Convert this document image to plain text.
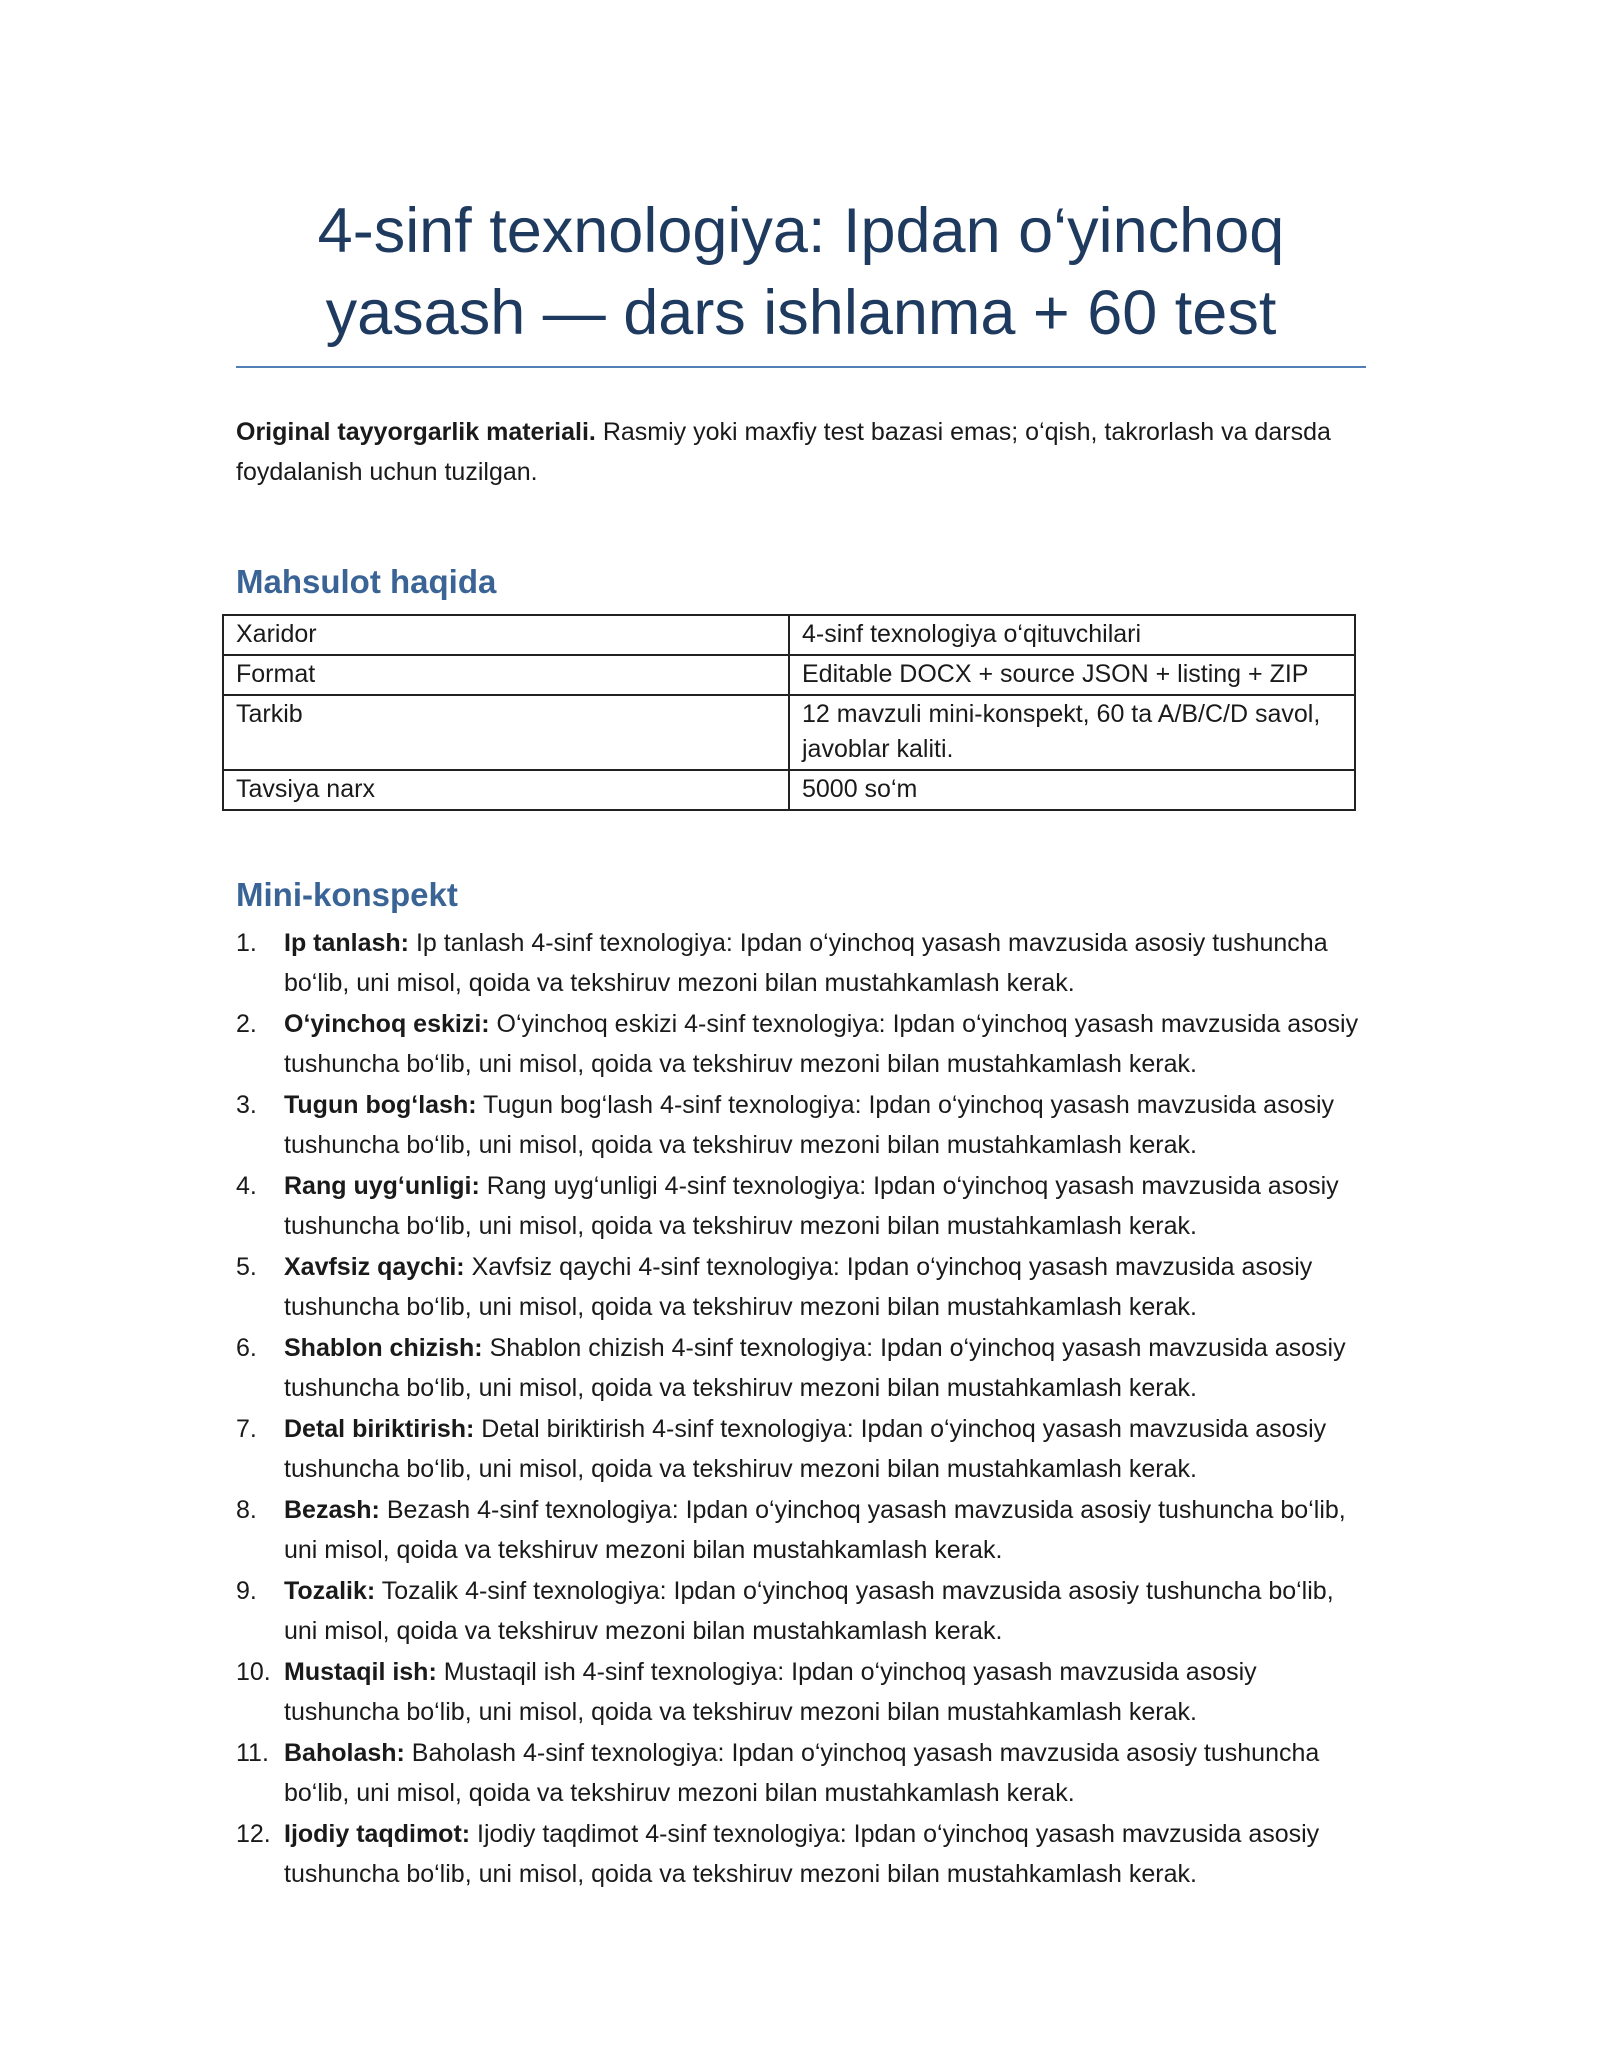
4-sinf texnologiya: Ipdan o‘yinchoq yasash — dars ishlanma + 60 test

Original tayyorgarlik materiali. Rasmiy yoki maxfiy test bazasi emas; o‘qish, takrorlash va darsda foydalanish uchun tuzilgan.

Mahsulot haqida
Xaridor	4-sinf texnologiya o‘qituvchilari
Format	Editable DOCX + source JSON + listing + ZIP
Tarkib	12 mavzuli mini-konspekt, 60 ta A/B/C/D savol, javoblar kaliti.
Tavsiya narx	5000 so‘m
Mini-konspekt
1. Ip tanlash: Ip tanlash 4-sinf texnologiya: Ipdan o‘yinchoq yasash mavzusida asosiy tushuncha bo‘lib, uni misol, qoida va tekshiruv mezoni bilan mustahkamlash kerak.
2. O‘yinchoq eskizi: O‘yinchoq eskizi 4-sinf texnologiya: Ipdan o‘yinchoq yasash mavzusida asosiy tushuncha bo‘lib, uni misol, qoida va tekshiruv mezoni bilan mustahkamlash kerak.
3. Tugun bog‘lash: Tugun bog‘lash 4-sinf texnologiya: Ipdan o‘yinchoq yasash mavzusida asosiy tushuncha bo‘lib, uni misol, qoida va tekshiruv mezoni bilan mustahkamlash kerak.
4. Rang uyg‘unligi: Rang uyg‘unligi 4-sinf texnologiya: Ipdan o‘yinchoq yasash mavzusida asosiy tushuncha bo‘lib, uni misol, qoida va tekshiruv mezoni bilan mustahkamlash kerak.
5. Xavfsiz qaychi: Xavfsiz qaychi 4-sinf texnologiya: Ipdan o‘yinchoq yasash mavzusida asosiy tushuncha bo‘lib, uni misol, qoida va tekshiruv mezoni bilan mustahkamlash kerak.
6. Shablon chizish: Shablon chizish 4-sinf texnologiya: Ipdan o‘yinchoq yasash mavzusida asosiy tushuncha bo‘lib, uni misol, qoida va tekshiruv mezoni bilan mustahkamlash kerak.
7. Detal biriktirish: Detal biriktirish 4-sinf texnologiya: Ipdan o‘yinchoq yasash mavzusida asosiy tushuncha bo‘lib, uni misol, qoida va tekshiruv mezoni bilan mustahkamlash kerak.
8. Bezash: Bezash 4-sinf texnologiya: Ipdan o‘yinchoq yasash mavzusida asosiy tushuncha bo‘lib, uni misol, qoida va tekshiruv mezoni bilan mustahkamlash kerak.
9. Tozalik: Tozalik 4-sinf texnologiya: Ipdan o‘yinchoq yasash mavzusida asosiy tushuncha bo‘lib, uni misol, qoida va tekshiruv mezoni bilan mustahkamlash kerak.
10. Mustaqil ish: Mustaqil ish 4-sinf texnologiya: Ipdan o‘yinchoq yasash mavzusida asosiy tushuncha bo‘lib, uni misol, qoida va tekshiruv mezoni bilan mustahkamlash kerak.
11. Baholash: Baholash 4-sinf texnologiya: Ipdan o‘yinchoq yasash mavzusida asosiy tushuncha bo‘lib, uni misol, qoida va tekshiruv mezoni bilan mustahkamlash kerak.
12. Ijodiy taqdimot: Ijodiy taqdimot 4-sinf texnologiya: Ipdan o‘yinchoq yasash mavzusida asosiy tushuncha bo‘lib, uni misol, qoida va tekshiruv mezoni bilan mustahkamlash kerak.
